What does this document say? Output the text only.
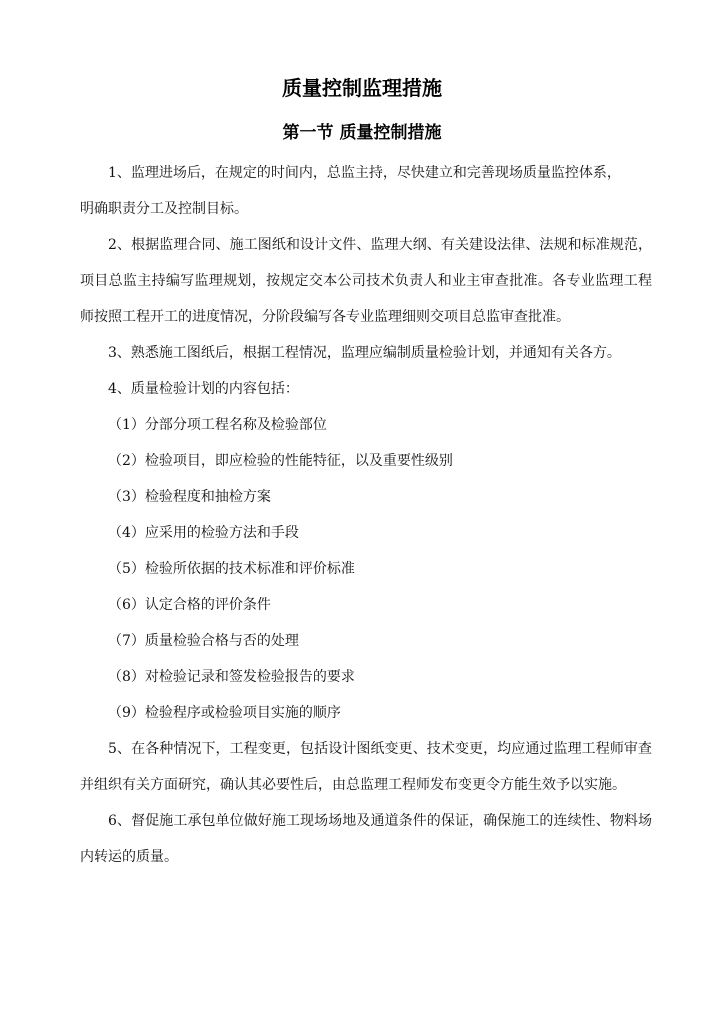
质量控制监理措施
第一节 质量控制措施

1、监理进场后，在规定的时间内，总监主持，尽快建立和完善现场质量监控体系，
明确职责分工及控制目标。

2、根据监理合同、施工图纸和设计文件、监理大纲、有关建设法律、法规和标准规范，项目总监主持编写监理规划，按规定交本公司技术负责人和业主审查批准。各专业监理工程师按照工程开工的进度情况，分阶段编写各专业监理细则交项目总监审查批准。

3、熟悉施工图纸后，根据工程情况，监理应编制质量检验计划，并通知有关各方。

4、质量检验计划的内容包括：

（1）分部分项工程名称及检验部位

（2）检验项目，即应检验的性能特征，以及重要性级别

（3）检验程度和抽检方案

（4）应采用的检验方法和手段

（5）检验所依据的技术标准和评价标准

（6）认定合格的评价条件

（7）质量检验合格与否的处理

（8）对检验记录和签发检验报告的要求

（9）检验程序或检验项目实施的顺序

5、在各种情况下，工程变更，包括设计图纸变更、技术变更，均应通过监理工程师审查并组织有关方面研究，确认其必要性后，由总监理工程师发布变更令方能生效予以实施。

6、督促施工承包单位做好施工现场场地及通道条件的保证，确保施工的连续性、物料场内转运的质量。
